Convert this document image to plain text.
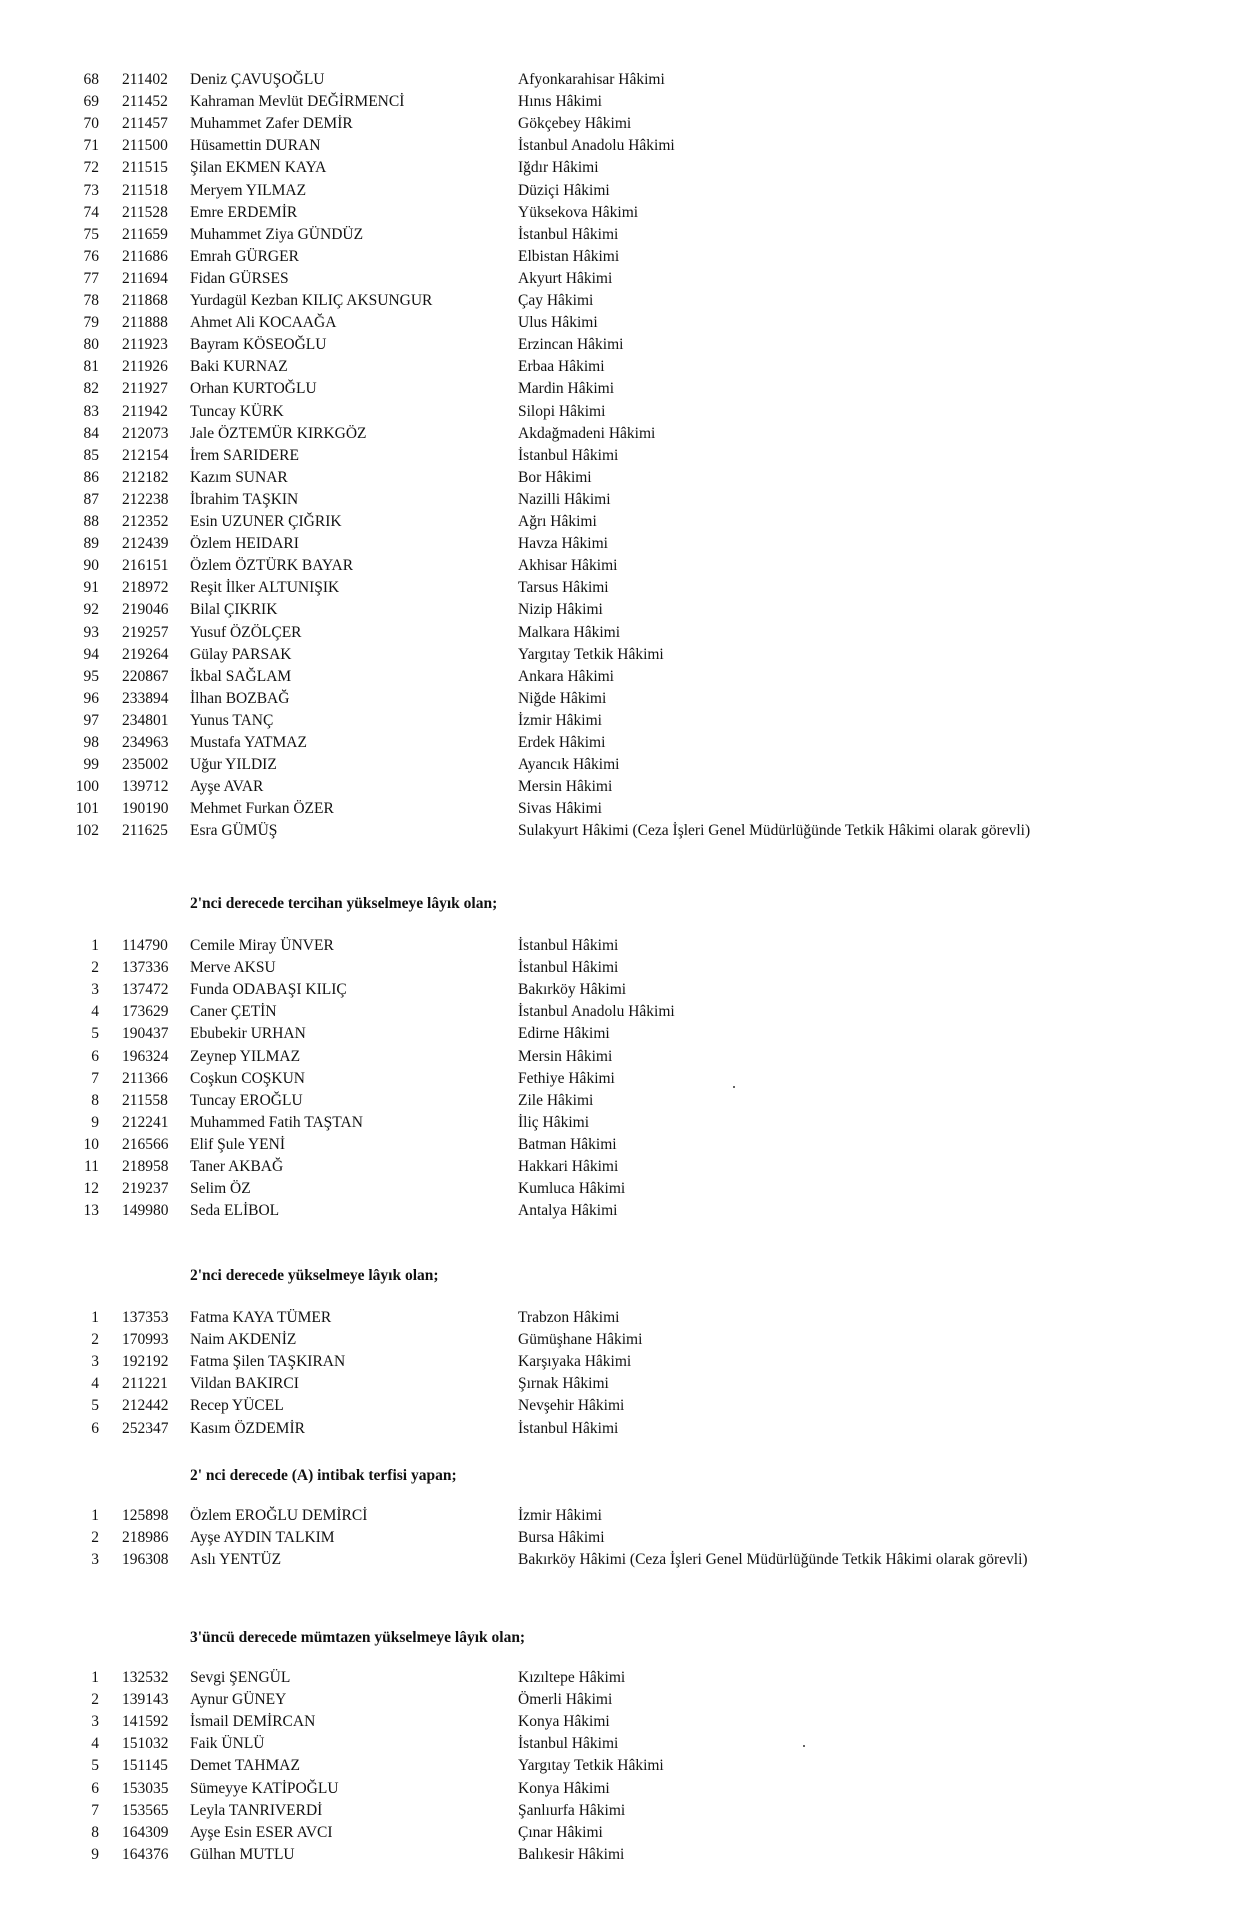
68 211402 Deniz ÇAVUŞOĞLU	Afyonkarahisar Hâkimi
69 211452 Kahraman Mevlüt DEĞİRMENCİ	Hınıs Hâkimi
70 211457 Muhammet Zafer DEMİR	Gökçebey Hâkimi
71 211500 Hüsamettin DURAN	İstanbul Anadolu Hâkimi
72 211515 Şilan EKMEN KAYA	Iğdır Hâkimi
73 211518 Meryem YILMAZ	Düziçi Hâkimi
74 211528 Emre ERDEMİR	Yüksekova Hâkimi
75 211659 Muhammet Ziya GÜNDÜZ	İstanbul Hâkimi
76 211686 Emrah GÜRGER	Elbistan Hâkimi
77 211694 Fidan GÜRSES	Akyurt Hâkimi
78 211868 Yurdagül Kezban KILIÇ AKSUNGUR	Çay Hâkimi
79 211888 Ahmet Ali KOCAAĞA	Ulus Hâkimi
80 211923 Bayram KÖSEOĞLU	Erzincan Hâkimi
81 211926 Baki KURNAZ	Erbaa Hâkimi
82 211927 Orhan KURTOĞLU	Mardin Hâkimi
83 211942 Tuncay KÜRK	Silopi Hâkimi
84 212073 Jale ÖZTEMÜR KIRKGÖZ	Akdağmadeni Hâkimi
85 212154 İrem SARIDERE	İstanbul Hâkimi
86 212182 Kazım SUNAR	Bor Hâkimi
87 212238 İbrahim TAŞKIN	Nazilli Hâkimi
88 212352 Esin UZUNER ÇIĞRIK	Ağrı Hâkimi
89 212439 Özlem HEIDARI	Havza Hâkimi
90 216151 Özlem ÖZTÜRK BAYAR	Akhisar Hâkimi
91 218972 Reşit İlker ALTUNIŞIK	Tarsus Hâkimi
92 219046 Bilal ÇIKRIK	Nizip Hâkimi
93 219257 Yusuf ÖZÖLÇER	Malkara Hâkimi
94 219264 Gülay PARSAK	Yargıtay Tetkik Hâkimi
95 220867 İkbal SAĞLAM	Ankara Hâkimi
96 233894 İlhan BOZBAĞ	Niğde Hâkimi
97 234801 Yunus TANÇ	İzmir Hâkimi
98 234963 Mustafa YATMAZ	Erdek Hâkimi
99 235002 Uğur YILDIZ	Ayancık Hâkimi
100 139712 Ayşe AVAR	Mersin Hâkimi
101 190190 Mehmet Furkan ÖZER	Sivas Hâkimi
102 211625 Esra GÜMÜŞ	Sulakyurt Hâkimi (Ceza İşleri Genel Müdürlüğünde Tetkik Hâkimi olarak görevli)
2'nci derecede tercihan yükselmeye lâyık olan;
1 114790 Cemile Miray ÜNVER	İstanbul Hâkimi
2 137336 Merve AKSU	İstanbul Hâkimi
3 137472 Funda ODABAŞI KILIÇ	Bakırköy Hâkimi
4 173629 Caner ÇETİN	İstanbul Anadolu Hâkimi
5 190437 Ebubekir URHAN	Edirne Hâkimi
6 196324 Zeynep YILMAZ	Mersin Hâkimi
7 211366 Coşkun COŞKUN	Fethiye Hâkimi
8 211558 Tuncay EROĞLU	Zile Hâkimi
9 212241 Muhammed Fatih TAŞTAN	İliç Hâkimi
10 216566 Elif Şule YENİ	Batman Hâkimi
11 218958 Taner AKBAĞ	Hakkari Hâkimi
12 219237 Selim ÖZ	Kumluca Hâkimi
13 149980 Seda ELİBOL	Antalya Hâkimi
2'nci derecede yükselmeye lâyık olan;
1 137353 Fatma KAYA TÜMER	Trabzon Hâkimi
2 170993 Naim AKDENİZ	Gümüşhane Hâkimi
3 192192 Fatma Şilen TAŞKIRAN	Karşıyaka Hâkimi
4 211221 Vildan BAKIRCI	Şırnak Hâkimi
5 212442 Recep YÜCEL	Nevşehir Hâkimi
6 252347 Kasım ÖZDEMİR	İstanbul Hâkimi
2' nci derecede (A) intibak terfisi yapan;
1 125898 Özlem EROĞLU DEMİRCİ	İzmir Hâkimi
2 218986 Ayşe AYDIN TALKIM	Bursa Hâkimi
3 196308 Aslı YENTÜZ	Bakırköy Hâkimi (Ceza İşleri Genel Müdürlüğünde Tetkik Hâkimi olarak görevli)
3'üncü derecede mümtazen yükselmeye lâyık olan;
1 132532 Sevgi ŞENGÜL	Kızıltepe Hâkimi
2 139143 Aynur GÜNEY	Ömerli Hâkimi
3 141592 İsmail DEMİRCAN	Konya Hâkimi
4 151032 Faik ÜNLÜ	İstanbul Hâkimi
5 151145 Demet TAHMAZ	Yargıtay Tetkik Hâkimi
6 153035 Sümeyye KATİPOĞLU	Konya Hâkimi
7 153565 Leyla TANRIVERDİ	Şanlıurfa Hâkimi
8 164309 Ayşe Esin ESER AVCI	Çınar Hâkimi
9 164376 Gülhan MUTLU	Balıkesir Hâkimi
